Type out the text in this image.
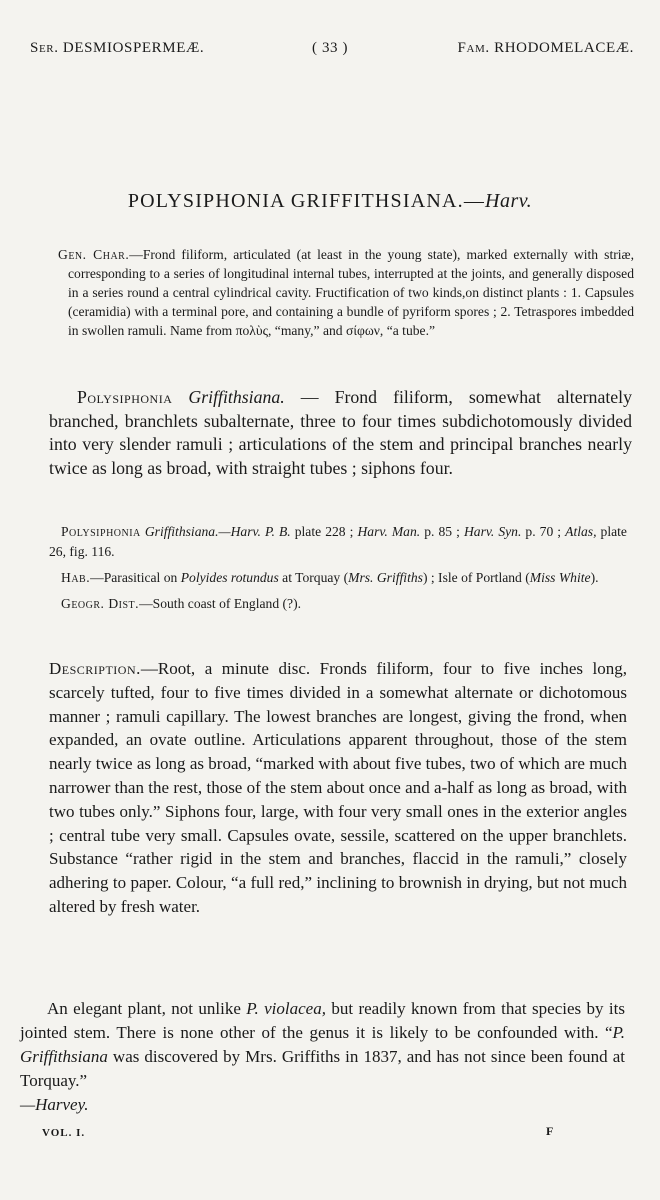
Ser. DESMIOSPERMEÆ.	( 33 )	Fam. RHODOMELACEÆ.
POLYSIPHONIA GRIFFITHSIANA.—Harv.
Gen. Char.—Frond filiform, articulated (at least in the young state), marked externally with striæ, corresponding to a series of longitudinal internal tubes, interrupted at the joints, and generally disposed in a series round a central cylindrical cavity. Fructification of two kinds,on distinct plants : 1. Capsules (ceramidia) with a terminal pore, and containing a bundle of pyriform spores ; 2. Tetraspores imbedded in swollen ramuli. Name from πολὺς, “many,” and σίφων, “a tube.”
Polysiphonia Griffithsiana. — Frond filiform, somewhat alternately branched, branchlets subalternate, three to four times subdichotomously divided into very slender ramuli ; articulations of the stem and principal branches nearly twice as long as broad, with straight tubes ; siphons four.

Polysiphonia Griffithsiana.—Harv. P. B. plate 228 ; Harv. Man. p. 85 ; Harv. Syn. p. 70 ; Atlas, plate 26, fig. 116.

Hab.—Parasitical on Polyides rotundus at Torquay (Mrs. Griffiths) ; Isle of Portland (Miss White).

Geogr. Dist.—South coast of England (?).

Description.—Root, a minute disc. Fronds filiform, four to five inches long, scarcely tufted, four to five times divided in a somewhat alternate or dichotomous manner ; ramuli capillary. The lowest branches are longest, giving the frond, when expanded, an ovate outline. Articulations apparent throughout, those of the stem nearly twice as long as broad, “marked with about five tubes, two of which are much narrower than the rest, those of the stem about once and a-half as long as broad, with two tubes only.” Siphons four, large, with four very small ones in the exterior angles ; central tube very small. Capsules ovate, sessile, scattered on the upper branchlets. Substance “rather rigid in the stem and branches, flaccid in the ramuli,” closely adhering to paper. Colour, “a full red,” inclining to brownish in drying, but not much altered by fresh water.
An elegant plant, not unlike P. violacea, but readily known from that species by its jointed stem. There is none other of the genus it is likely to be confounded with. “P. Griffithsiana was discovered by Mrs. Griffiths in 1837, and has not since been found at Torquay.”
—Harvey.
VOL. I.	F
